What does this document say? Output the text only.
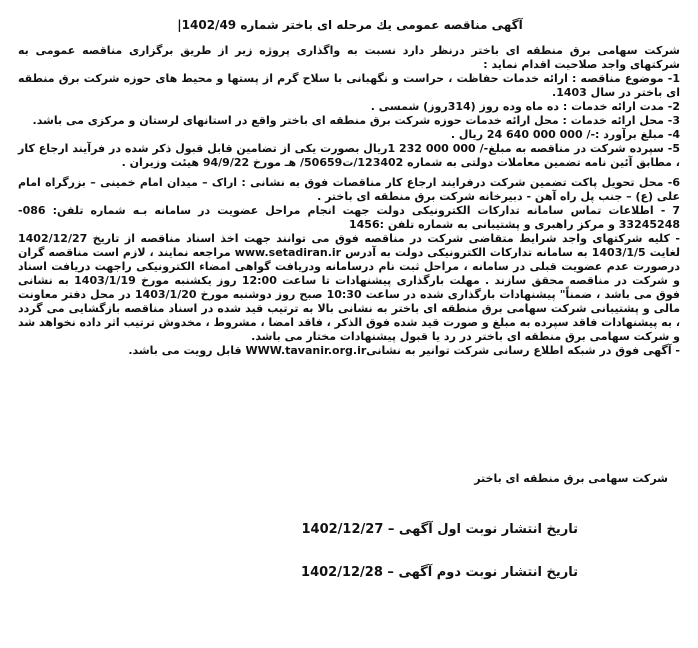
آگهی مناقصه عمومی يك مرحله ای باختر شماره 1402/49|

شرکت سهامی برق منطقه ای باختر درنظر دارد نسبت به واگذاری پروژه زير از طريق برگزاری مناقصه عمومی به شرکتهای واجد صلاحيت اقدام نمايد :

1- موضوع مناقصه : ارائه خدمات حفاظت ، حراست و نگهبانی با سلاح گرم از پستها و محيط های حوزه شرکت برق منطقه ای باختر در سال 1403.

2- مدت ارائه خدمات : ده ماه وده روز (314روز) شمسی .

3- محل ارائه خدمات : محل ارائه خدمات حوزه شرکت برق منطقه ای باختر واقع در استانهای لرستان و مرکزی می باشد.

4- مبلغ برآورد :-/ 000 000 640 24 ريال .

5- سپرده شرکت در مناقصه به مبلغ-/ 000 000 232 1ريال بصورت يکی از تضامين قابل قبول ذکر شده در فرآيند ارجاع کار ، مطابق آئين نامه تضمين معاملات دولتی به شماره 123402/ت50659/ هـ مورخ 94/9/22 هيئت وزيران .

6- محل تحويل پاکت تضمين شرکت درفرايند ارجاع کار مناقصات فوق به نشانی : اراک – ميدان امام خمينی – بزرگراه امام علی (ع) – جنب پل راه آهن - دبيرخانه شرکت برق منطقه ای باختر .

7 - اطلاعات تماس سامانه تدارکات الکترونيکی دولت جهت انجام مراحل عضويت در سامانه بـه شماره تلفن: 086-33245248 و مرکز راهبری و پشتيبانی به شماره تلفن :1456

- کليه شرکتهای واجد شرايط متقاضی شرکت در مناقصه فوق می توانند جهت اخذ اسناد مناقصه از تاريخ 1402/12/27 لغايت 1403/1/5 به سامانه تدارکات الکترونيکی دولت به آدرس www.setadiran.ir مراجعه نمايند ، لازم است مناقصه گران درصورت عدم عضويت قبلی در سامانه ، مراحل ثبت نام درسامانه ودريافت گواهی امضاء الکترونيکی راجهت دريافت اسناد و شرکت در مناقصه محقق سازند . مهلت بارگذاری پيشنهادات تا ساعت 12:00 روز يکشنبه مورخ 1403/1/19 به نشانی فوق می باشد ، ضمناً" پيشنهادات بارگذاری شده در ساعت 10:30 صبح روز دوشنبه مورخ 1403/1/20 در محل دفتر معاونت مالی و پشتيبانی شرکت سهامی برق منطقه ای باختر به نشانی بالا به ترتيب قيد شده در اسناد مناقصه بازگشايی می گردد ، به پيشنهادات فاقد سپرده به مبلغ و صورت قيد شده فوق الذکر ، فاقد امضا ، مشروط ، مخدوش ترتيب اثر داده نخواهد شد و شرکت سهامی برق منطقه ای باختر در رد يا قبول پيشنهادات مختار می باشد.

- آگهی فوق در شبکه اطلاع رسانی شرکت توانير به نشانیWWW.tavanir.org.ir قابل رويت می باشد.

شرکت سهامی برق منطقه ای باختر

تاريخ انتشار نوبت اول آگهی – 1402/12/27
تاريخ انتشار نوبت دوم آگهی – 1402/12/28
